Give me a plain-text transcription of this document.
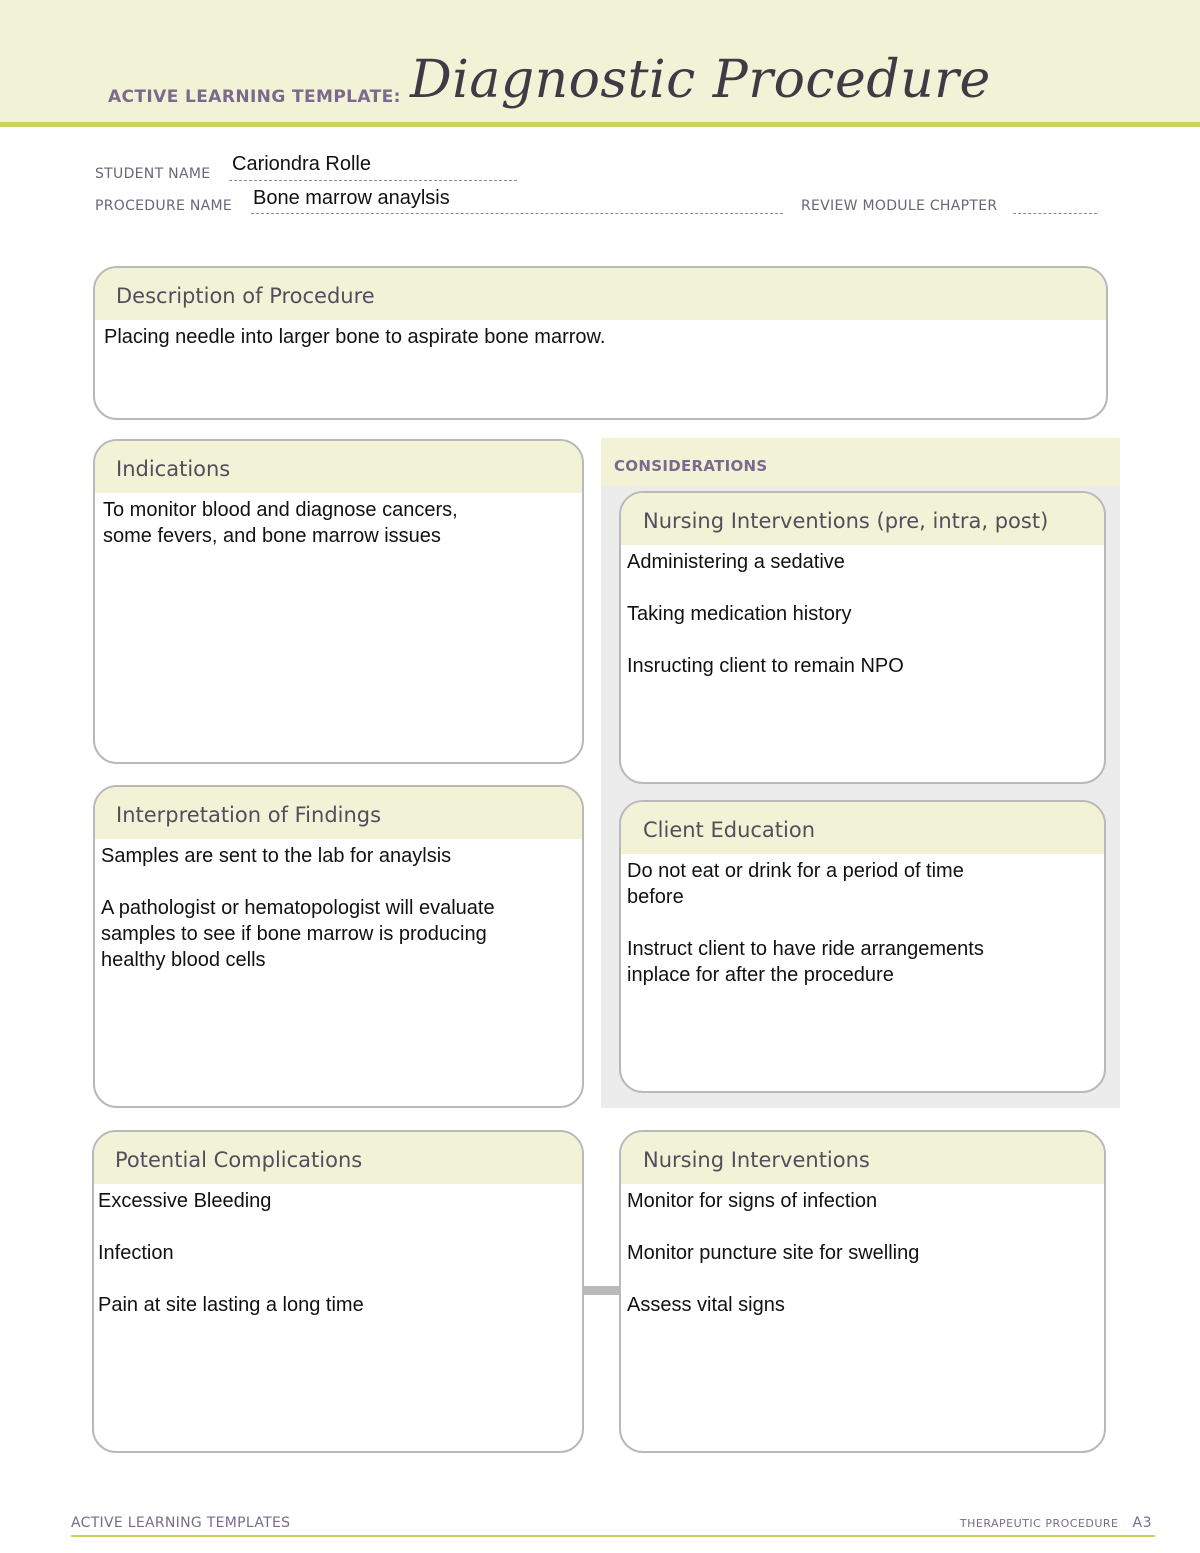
ACTIVE LEARNING TEMPLATE: Diagnostic Procedure
STUDENT NAME Cariondra Rolle
PROCEDURE NAME Bone marrow anaylsis	REVIEW MODULE CHAPTER
Description of Procedure

Placing needle into larger bone to aspirate bone marrow.

Indications

To monitor blood and diagnose cancers,
some fevers, and bone marrow issues

CONSIDERATIONS
Nursing Interventions (pre, intra, post)

Administering a sedative

Taking medication history

Insructing client to remain NPO

Client Education

Do not eat or drink for a period of time
before

Instruct client to have ride arrangements
inplace for after the procedure

Interpretation of Findings

Samples are sent to the lab for anaylsis

A pathologist or hematopologist will evaluate
samples to see if bone marrow is producing
healthy blood cells

Potential Complications

Excessive Bleeding

Infection

Pain at site lasting a long time

Nursing Interventions

Monitor for signs of infection

Monitor puncture site for swelling

Assess vital signs

ACTIVE LEARNING TEMPLATES	THERAPEUTIC PROCEDURE A3
